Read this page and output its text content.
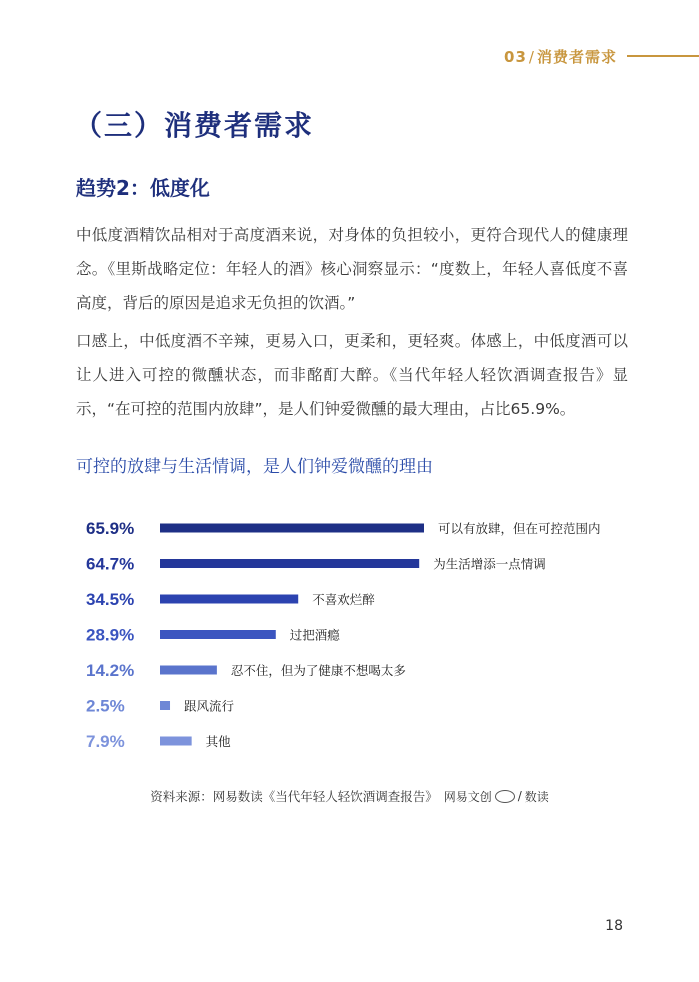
03 / 消费者需求
（三）消费者需求
趋势2：低度化

中低度酒精饮品相对于高度酒来说，对身体的负担较小，更符合现代人的健康理念。《里斯战略定位：年轻人的酒》核心洞察显示：“度数上，年轻人喜低度不喜高度，背后的原因是追求无负担的饮酒。”

口感上，中低度酒不辛辣，更易入口，更柔和，更轻爽。体感上，中低度酒可以让人进入可控的微醺状态，而非酩酊大醉。《当代年轻人轻饮酒调查报告》显示，“在可控的范围内放肆”，是人们钟爱微醺的最大理由，占比65.9%。

可控的放肆与生活情调，是人们钟爱微醺的理由
65.9%	可以有放肆，但在可控范围内
64.7%	为生活增添一点情调
34.5%	不喜欢烂醉
28.9%	过把酒瘾
14.2%	忍不住，但为了健康不想喝太多
2.5%	跟风流行
7.9%	其他
资料来源：网易数读《当代年轻人轻饮酒调查报告》 网易文创 / 数读
18
